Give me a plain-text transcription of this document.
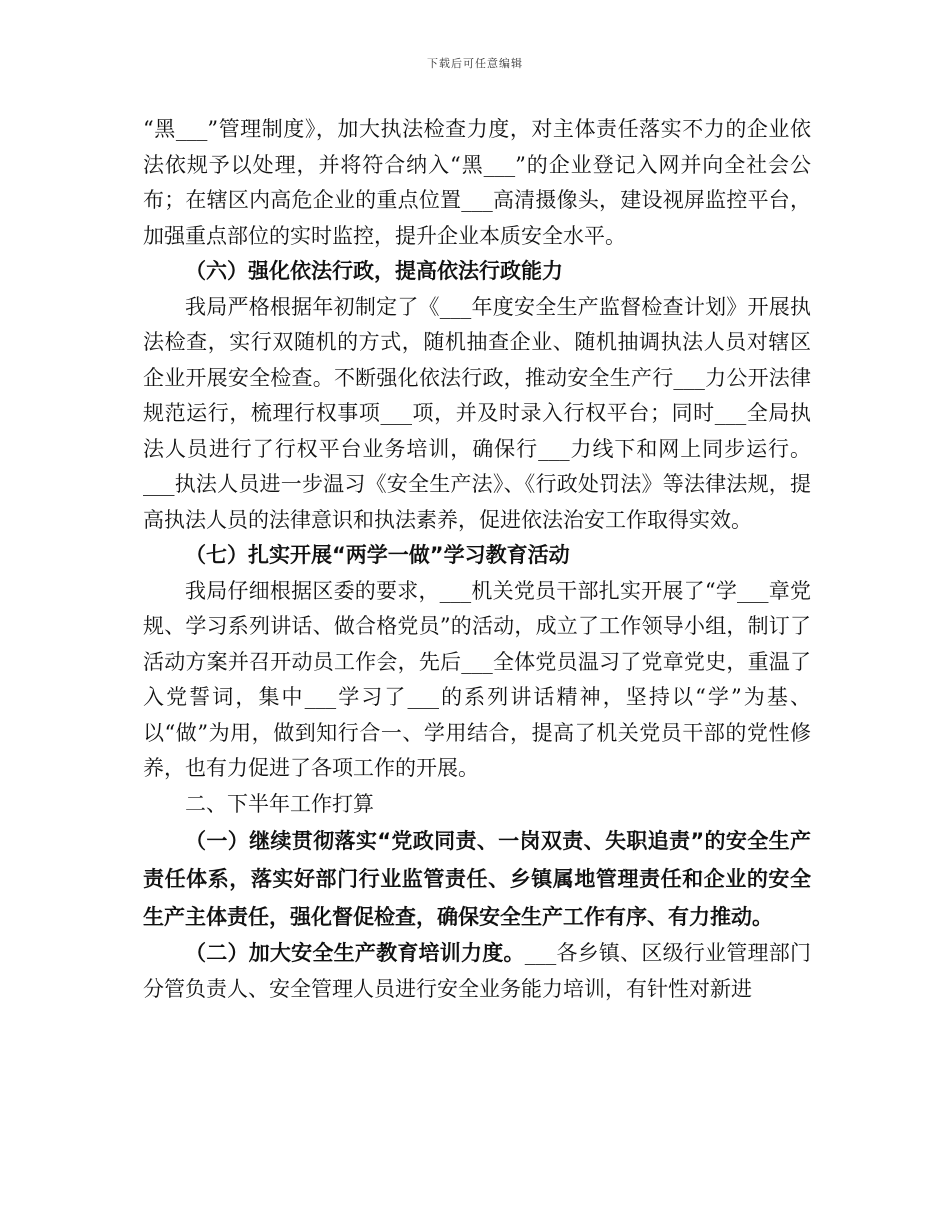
下载后可任意编辑

“黑___”管理制度》，加大执法检查力度，对主体责任落实不力的企业依法依规予以处理，并将符合纳入“黑___”的企业登记入网并向全社会公布；在辖区内高危企业的重点位置___高清摄像头，建设视屏监控平台，加强重点部位的实时监控，提升企业本质安全水平。

（六）强化依法行政，提高依法行政能力

我局严格根据年初制定了《___年度安全生产监督检查计划》开展执法检查，实行双随机的方式，随机抽查企业、随机抽调执法人员对辖区企业开展安全检查。不断强化依法行政，推动安全生产行___力公开法律规范运行，梳理行权事项___项，并及时录入行权平台；同时___全局执法人员进行了行权平台业务培训，确保行___力线下和网上同步运行。___执法人员进一步温习《安全生产法》、《行政处罚法》等法律法规，提高执法人员的法律意识和执法素养，促进依法治安工作取得实效。

（七）扎实开展“两学一做”学习教育活动

我局仔细根据区委的要求，___机关党员干部扎实开展了“学___章党规、学习系列讲话、做合格党员”的活动，成立了工作领导小组，制订了活动方案并召开动员工作会，先后___全体党员温习了党章党史，重温了入党誓词，集中___学习了___的系列讲话精神，坚持以“学”为基、以“做”为用，做到知行合一、学用结合，提高了机关党员干部的党性修养，也有力促进了各项工作的开展。

二、下半年工作打算

（一）继续贯彻落实“党政同责、一岗双责、失职追责”的安全生产责任体系，落实好部门行业监管责任、乡镇属地管理责任和企业的安全生产主体责任，强化督促检查，确保安全生产工作有序、有力推动。

（二）加大安全生产教育培训力度。___各乡镇、区级行业管理部门分管负责人、安全管理人员进行安全业务能力培训，有针性对新进
